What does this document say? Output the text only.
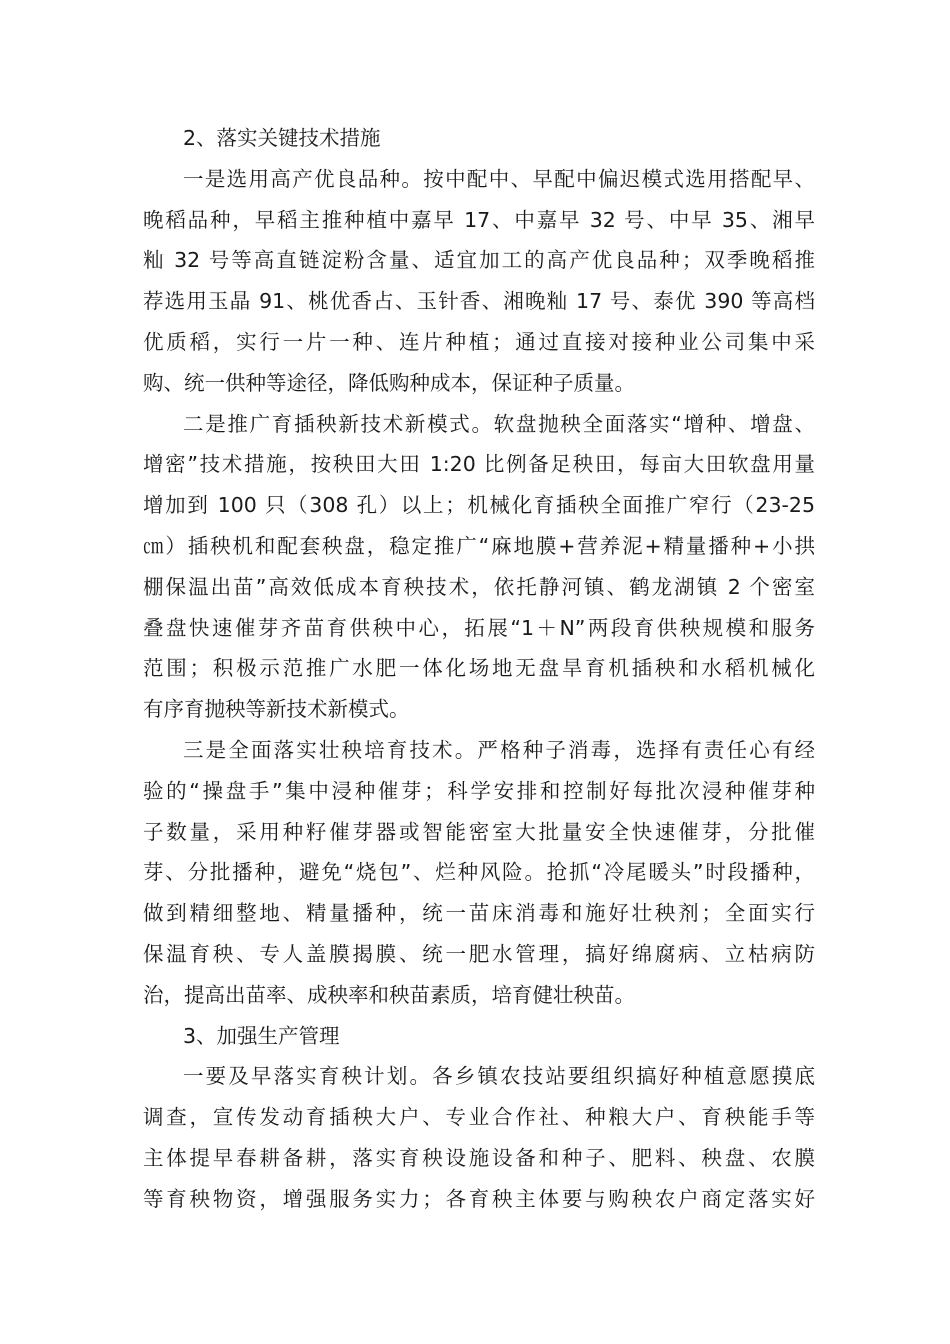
2、落实关键技术措施
一是选用高产优良品种。按中配中、早配中偏迟模式选用搭配早、
晚稻品种，早稻主推种植中嘉早 17、中嘉早 32 号、中早 35、湘早
籼 32 号等高直链淀粉含量、适宜加工的高产优良品种；双季晚稻推
荐选用玉晶 91、桃优香占、玉针香、湘晚籼 17 号、泰优 390 等高档
优质稻，实行一片一种、连片种植；通过直接对接种业公司集中采
购、统一供种等途径，降低购种成本，保证种子质量。
二是推广育插秧新技术新模式。软盘抛秧全面落实“增种、增盘、
增密”技术措施，按秧田大田 1:20 比例备足秧田，每亩大田软盘用量
增加到 100 只（308 孔）以上；机械化育插秧全面推广窄行（23-25
㎝）插秧机和配套秧盘，稳定推广“麻地膜+营养泥+精量播种+小拱
棚保温出苗”高效低成本育秧技术，依托静河镇、鹤龙湖镇 2 个密室
叠盘快速催芽齐苗育供秧中心，拓展“1＋N”两段育供秧规模和服务
范围；积极示范推广水肥一体化场地无盘旱育机插秧和水稻机械化
有序育抛秧等新技术新模式。
三是全面落实壮秧培育技术。严格种子消毒，选择有责任心有经
验的“操盘手”集中浸种催芽；科学安排和控制好每批次浸种催芽种
子数量，采用种籽催芽器或智能密室大批量安全快速催芽，分批催
芽、分批播种，避免“烧包”、烂种风险。抢抓“冷尾暖头”时段播种，
做到精细整地、精量播种，统一苗床消毒和施好壮秧剂；全面实行
保温育秧、专人盖膜揭膜、统一肥水管理，搞好绵腐病、立枯病防
治，提高出苗率、成秧率和秧苗素质，培育健壮秧苗。
3、加强生产管理
一要及早落实育秧计划。各乡镇农技站要组织搞好种植意愿摸底
调查，宣传发动育插秧大户、专业合作社、种粮大户、育秧能手等
主体提早春耕备耕，落实育秧设施设备和种子、肥料、秧盘、农膜
等育秧物资，增强服务实力；各育秧主体要与购秧农户商定落实好
